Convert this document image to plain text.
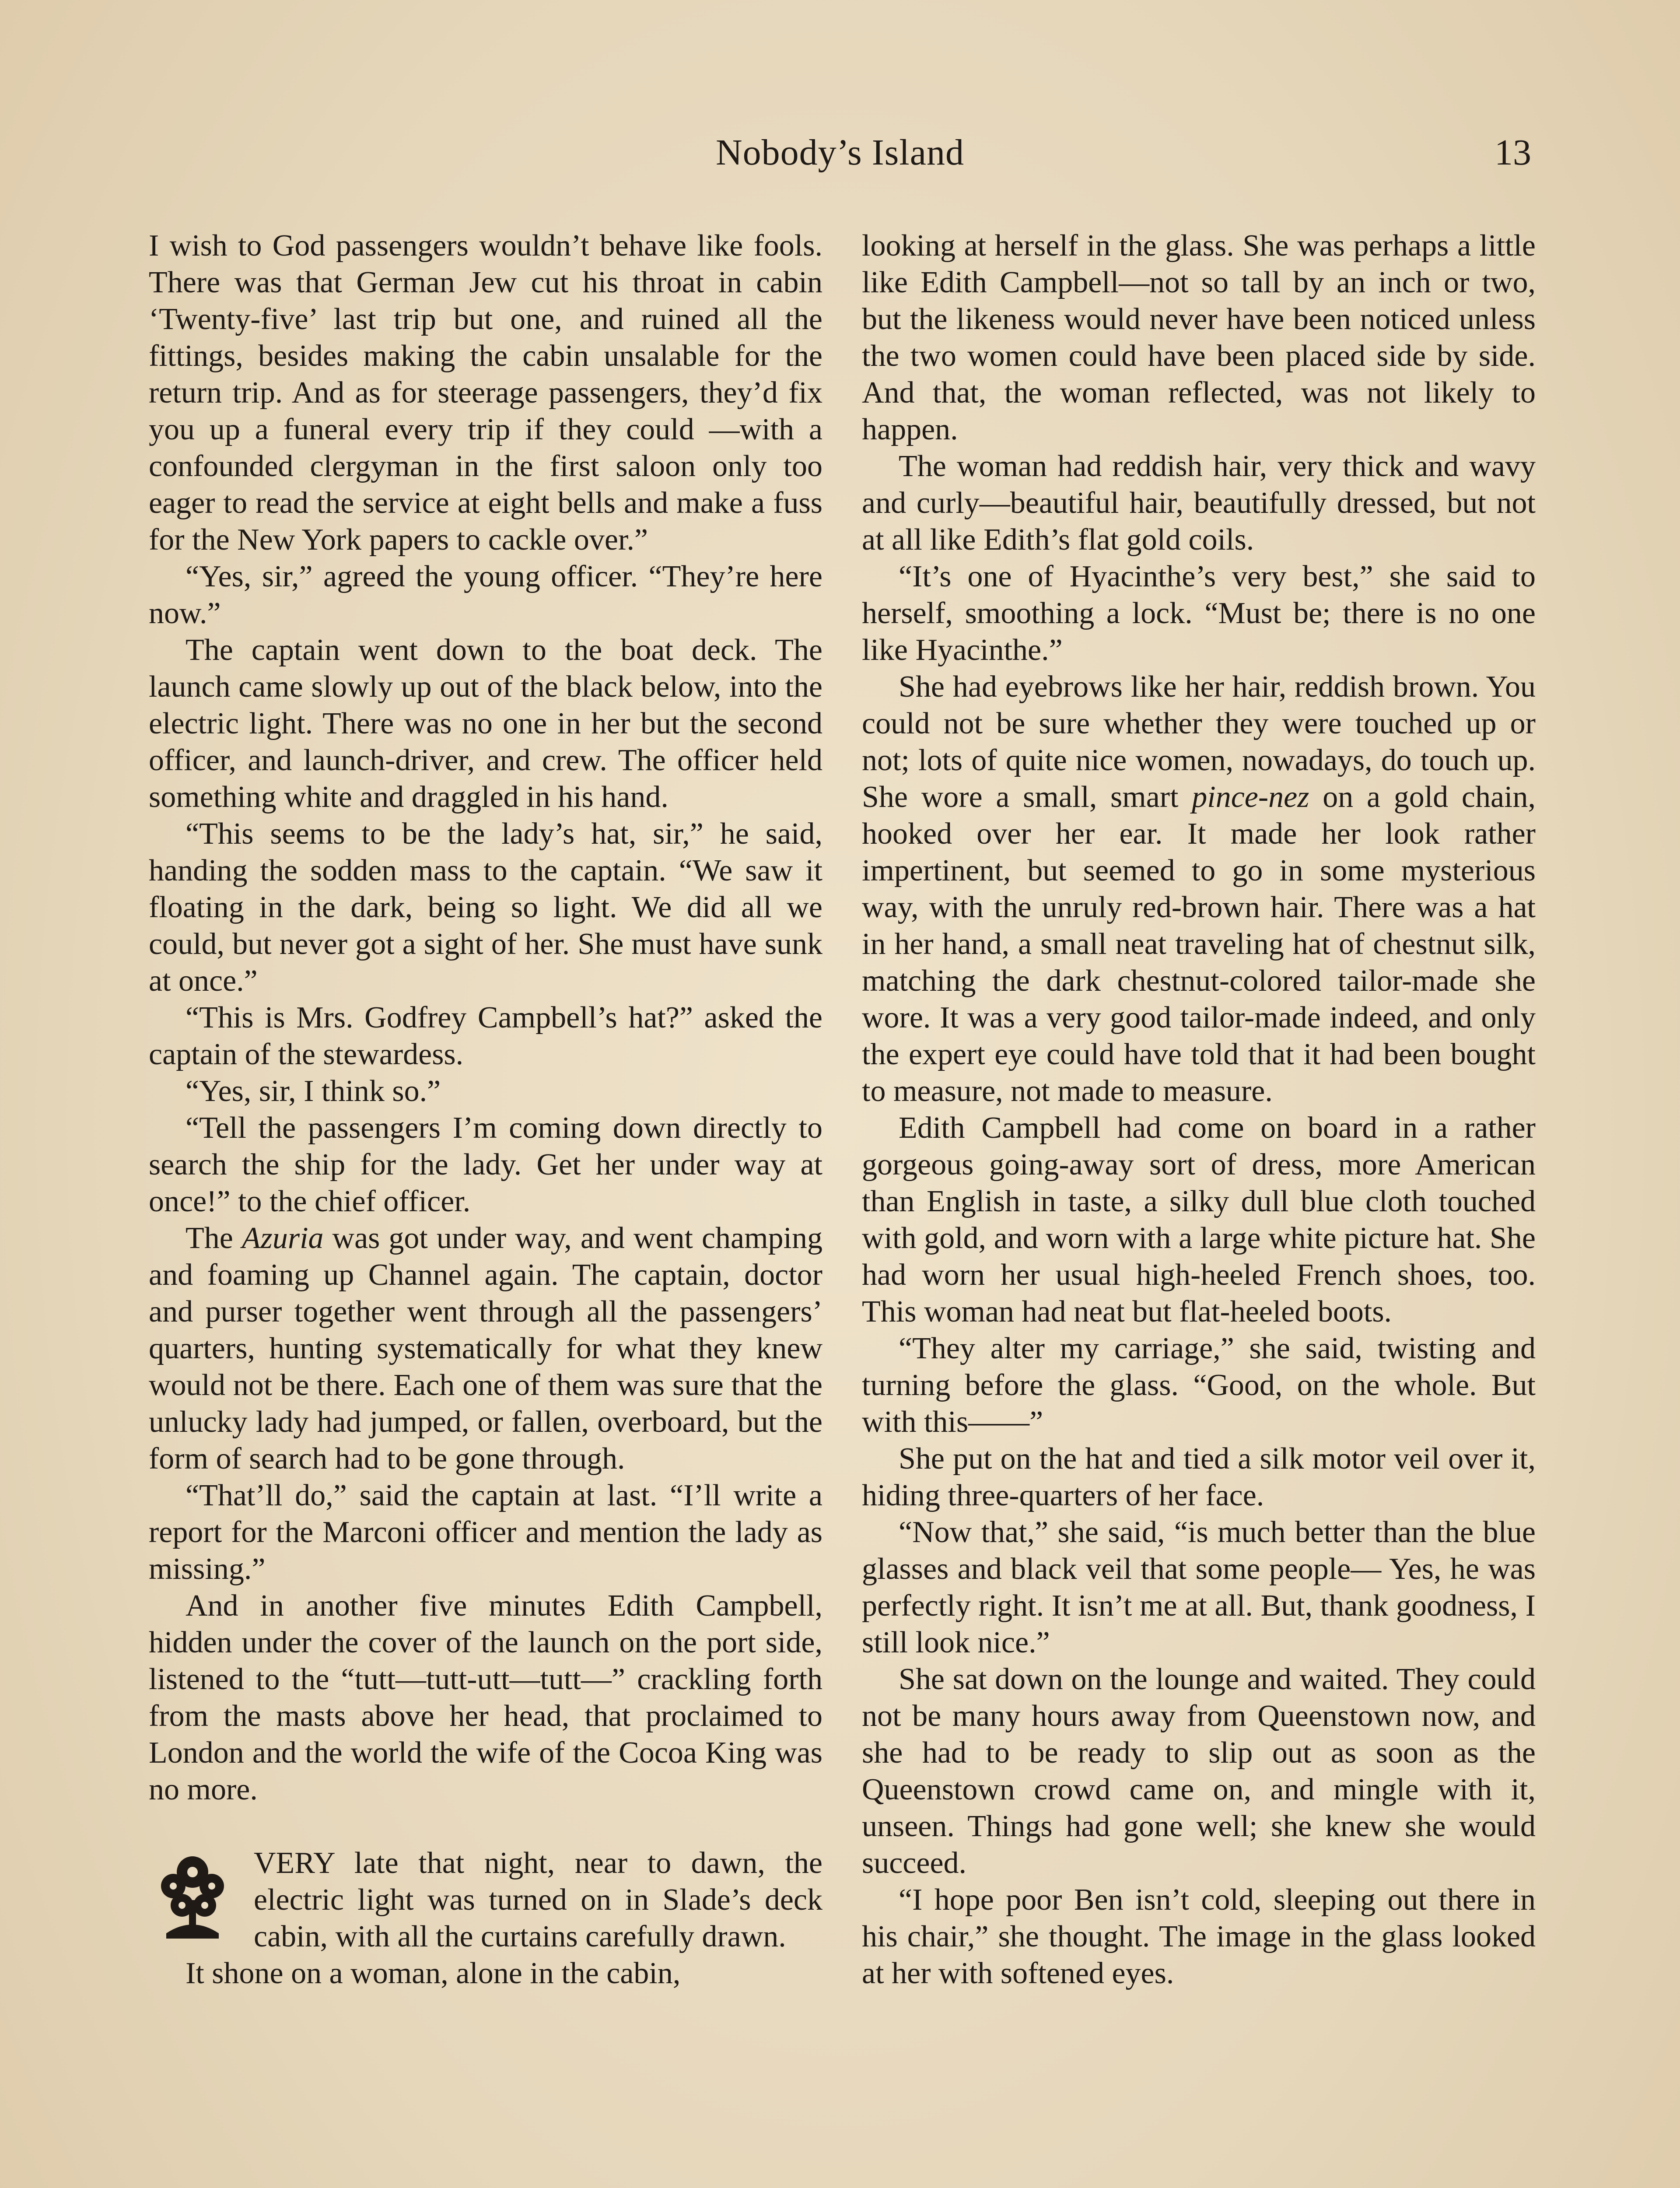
Nobody’s Island	13

I wish to God passengers wouldn’t behave like fools. There was that German Jew cut his throat in cabin ‘Twenty-five’ last trip but one, and ruined all the fittings, besides making the cabin unsalable for the return trip. And as for steerage passengers, they’d fix you up a funeral every trip if they could —with a confounded clergyman in the first saloon only too eager to read the service at eight bells and make a fuss for the New York papers to cackle over.”

“Yes, sir,” agreed the young officer. “They’re here now.”

The captain went down to the boat deck. The launch came slowly up out of the black below, into the electric light. There was no one in her but the second officer, and launch-driver, and crew. The officer held something white and draggled in his hand.

“This seems to be the lady’s hat, sir,” he said, handing the sodden mass to the captain. “We saw it floating in the dark, being so light. We did all we could, but never got a sight of her. She must have sunk at once.”

“This is Mrs. Godfrey Campbell’s hat?” asked the captain of the stewardess.

“Yes, sir, I think so.”

“Tell the passengers I’m coming down directly to search the ship for the lady. Get her under way at once!” to the chief officer.

The Azuria was got under way, and went champing and foaming up Channel again. The captain, doctor and purser together went through all the passengers’ quarters, hunting systematically for what they knew would not be there. Each one of them was sure that the unlucky lady had jumped, or fallen, overboard, but the form of search had to be gone through.

“That’ll do,” said the captain at last. “I’ll write a report for the Marconi officer and mention the lady as missing.”

And in another five minutes Edith Campbell, hidden under the cover of the launch on the port side, listened to the “tutt—tutt-utt—tutt—” crackling forth from the masts above her head, that proclaimed to London and the world the wife of the Cocoa King was no more.

VERY late that night, near to dawn, the electric light was turned on in Slade’s deck cabin, with all the curtains carefully drawn.

It shone on a woman, alone in the cabin,

looking at herself in the glass. She was perhaps a little like Edith Campbell—not so tall by an inch or two, but the likeness would never have been noticed unless the two women could have been placed side by side. And that, the woman reflected, was not likely to happen.

The woman had reddish hair, very thick and wavy and curly—beautiful hair, beautifully dressed, but not at all like Edith’s flat gold coils.

“It’s one of Hyacinthe’s very best,” she said to herself, smoothing a lock. “Must be; there is no one like Hyacinthe.”

She had eyebrows like her hair, reddish brown. You could not be sure whether they were touched up or not; lots of quite nice women, nowadays, do touch up. She wore a small, smart pince-nez on a gold chain, hooked over her ear. It made her look rather impertinent, but seemed to go in some mysterious way, with the unruly red-brown hair. There was a hat in her hand, a small neat traveling hat of chestnut silk, matching the dark chestnut-colored tailor-made she wore. It was a very good tailor-made indeed, and only the expert eye could have told that it had been bought to measure, not made to measure.

Edith Campbell had come on board in a rather gorgeous going-away sort of dress, more American than English in taste, a silky dull blue cloth touched with gold, and worn with a large white picture hat. She had worn her usual high-heeled French shoes, too. This woman had neat but flat-heeled boots.

“They alter my carriage,” she said, twisting and turning before the glass. “Good, on the whole. But with this——”

She put on the hat and tied a silk motor veil over it, hiding three-quarters of her face.

“Now that,” she said, “is much better than the blue glasses and black veil that some people— Yes, he was perfectly right. It isn’t me at all. But, thank goodness, I still look nice.”

She sat down on the lounge and waited. They could not be many hours away from Queenstown now, and she had to be ready to slip out as soon as the Queenstown crowd came on, and mingle with it, unseen. Things had gone well; she knew she would succeed.

“I hope poor Ben isn’t cold, sleeping out there in his chair,” she thought. The image in the glass looked at her with softened eyes.
